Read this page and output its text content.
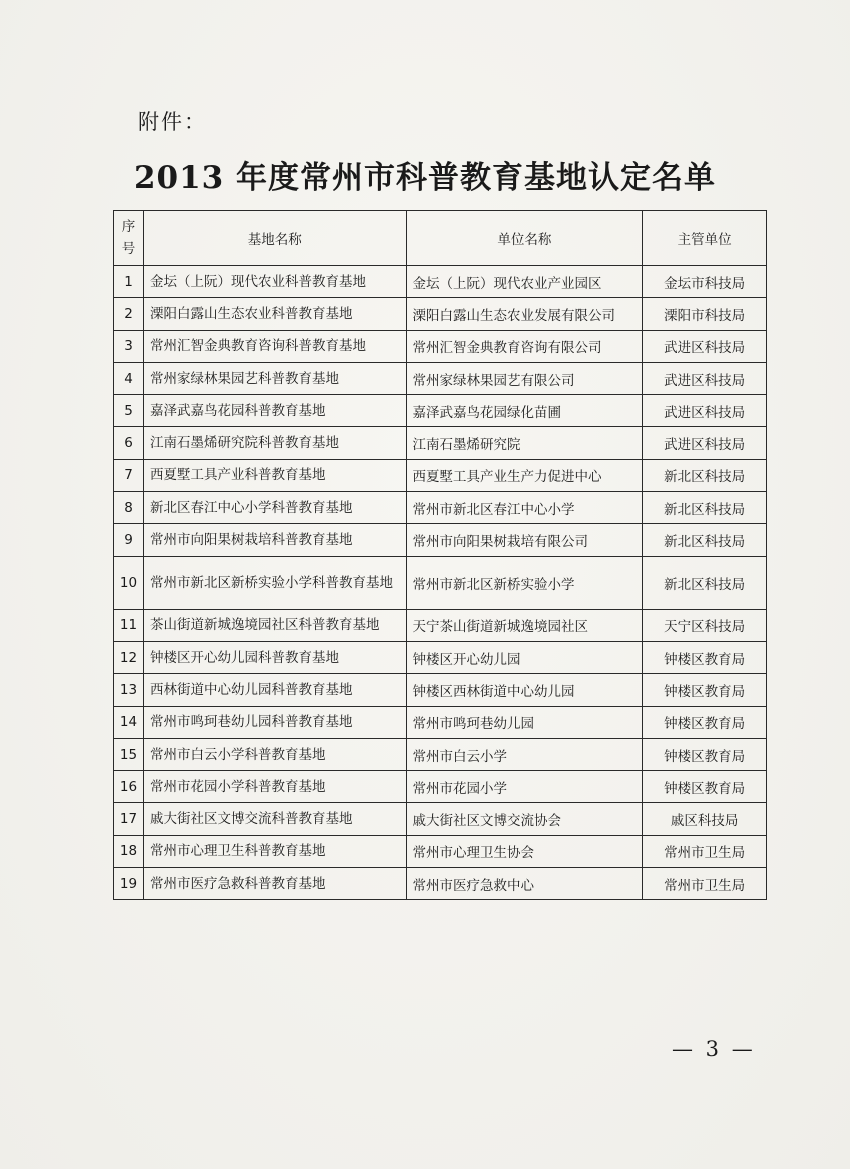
附件：
2013 年度常州市科普教育基地认定名单
序号	基地名称	单位名称	主管单位
1	金坛（上阮）现代农业科普教育基地	金坛（上阮）现代农业产业园区	金坛市科技局
2	溧阳白露山生态农业科普教育基地	溧阳白露山生态农业发展有限公司	溧阳市科技局
3	常州汇智金典教育咨询科普教育基地	常州汇智金典教育咨询有限公司	武进区科技局
4	常州家绿林果园艺科普教育基地	常州家绿林果园艺有限公司	武进区科技局
5	嘉泽武嘉鸟花园科普教育基地	嘉泽武嘉鸟花园绿化苗圃	武进区科技局
6	江南石墨烯研究院科普教育基地	江南石墨烯研究院	武进区科技局
7	西夏墅工具产业科普教育基地	西夏墅工具产业生产力促进中心	新北区科技局
8	新北区春江中心小学科普教育基地	常州市新北区春江中心小学	新北区科技局
9	常州市向阳果树栽培科普教育基地	常州市向阳果树栽培有限公司	新北区科技局
10	常州市新北区新桥实验小学科普教育基地	常州市新北区新桥实验小学	新北区科技局
11	茶山街道新城逸境园社区科普教育基地	天宁茶山街道新城逸境园社区	天宁区科技局
12	钟楼区开心幼儿园科普教育基地	钟楼区开心幼儿园	钟楼区教育局
13	西林街道中心幼儿园科普教育基地	钟楼区西林街道中心幼儿园	钟楼区教育局
14	常州市鸣珂巷幼儿园科普教育基地	常州市鸣珂巷幼儿园	钟楼区教育局
15	常州市白云小学科普教育基地	常州市白云小学	钟楼区教育局
16	常州市花园小学科普教育基地	常州市花园小学	钟楼区教育局
17	戚大街社区文博交流科普教育基地	戚大街社区文博交流协会	戚区科技局
18	常州市心理卫生科普教育基地	常州市心理卫生协会	常州市卫生局
19	常州市医疗急救科普教育基地	常州市医疗急救中心	常州市卫生局
— 3 —
